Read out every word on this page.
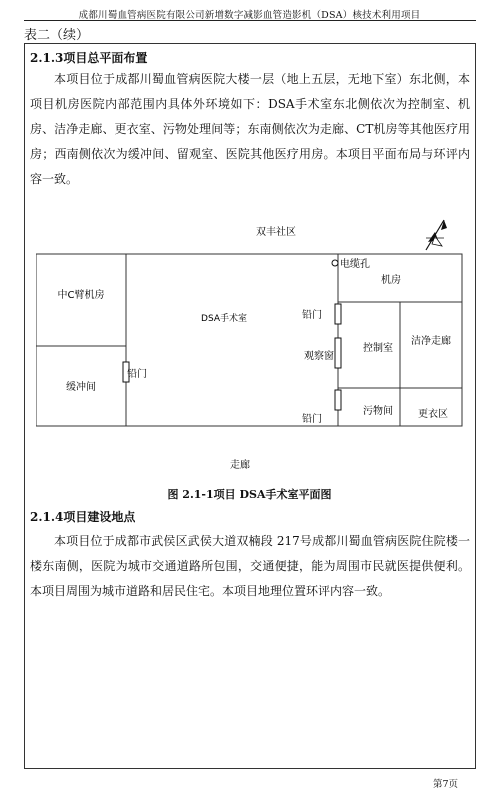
成都川蜀血管病医院有限公司新增数字减影血管造影机（DSA）核技术利用项目
表二（续）
2.1.3项目总平面布置
本项目位于成都川蜀血管病医院大楼一层（地上五层，无地下室）东北侧，本项目机房医院内部范围内具体外环境如下：DSA手术室东北侧依次为控制室、机房、洁净走廊、更衣室、污物处理间等；东南侧依次为走廊、CT机房等其他医疗用房；西南侧依次为缓冲间、留观室、医院其他医疗用房。本项目平面布局与环评内容一致。
双丰社区
电缆孔
机房
中C臂机房
DSA手术室	铅门
观察窗
铅门
铅门
控制室
洁净走廊
缓冲间
污物间	更衣区
走廊
图 2.1-1项目 DSA手术室平面图
2.1.4项目建设地点
本项目位于成都市武侯区武侯大道双楠段 217号成都川蜀血管病医院住院楼一楼东南侧，医院为城市交通道路所包围，交通便捷，能为周围市民就医提供便利。本项目周围为城市道路和居民住宅。本项目地理位置环评内容一致。
第7页
